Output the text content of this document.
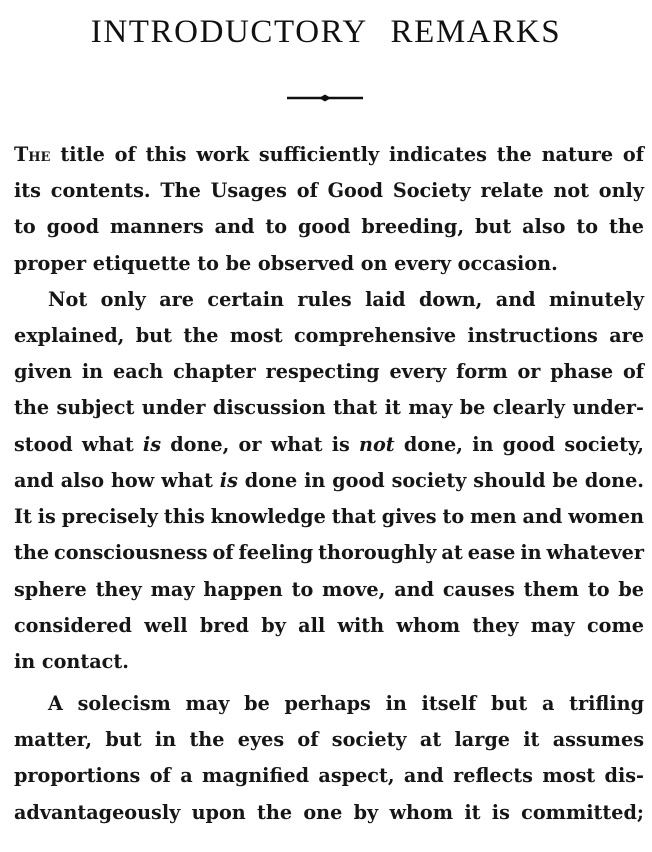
INTRODUCTORY REMARKS
The title of this work sufficiently indicates the nature of
its contents. The Usages of Good Society relate not only
to good manners and to good breeding, but also to the
proper etiquette to be observed on every occasion.
Not only are certain rules laid down, and minutely
explained, but the most comprehensive instructions are
given in each chapter respecting every form or phase of
the subject under discussion that it may be clearly under-
stood what is done, or what is not done, in good society,
and also how what is done in good society should be done.
It is precisely this knowledge that gives to men and women
the consciousness of feeling thoroughly at ease in whatever
sphere they may happen to move, and causes them to be
considered well bred by all with whom they may come
in contact.
A solecism may be perhaps in itself but a trifling
matter, but in the eyes of society at large it assumes
proportions of a magnified aspect, and reflects most dis-
advantageously upon the one by whom it is committed;
